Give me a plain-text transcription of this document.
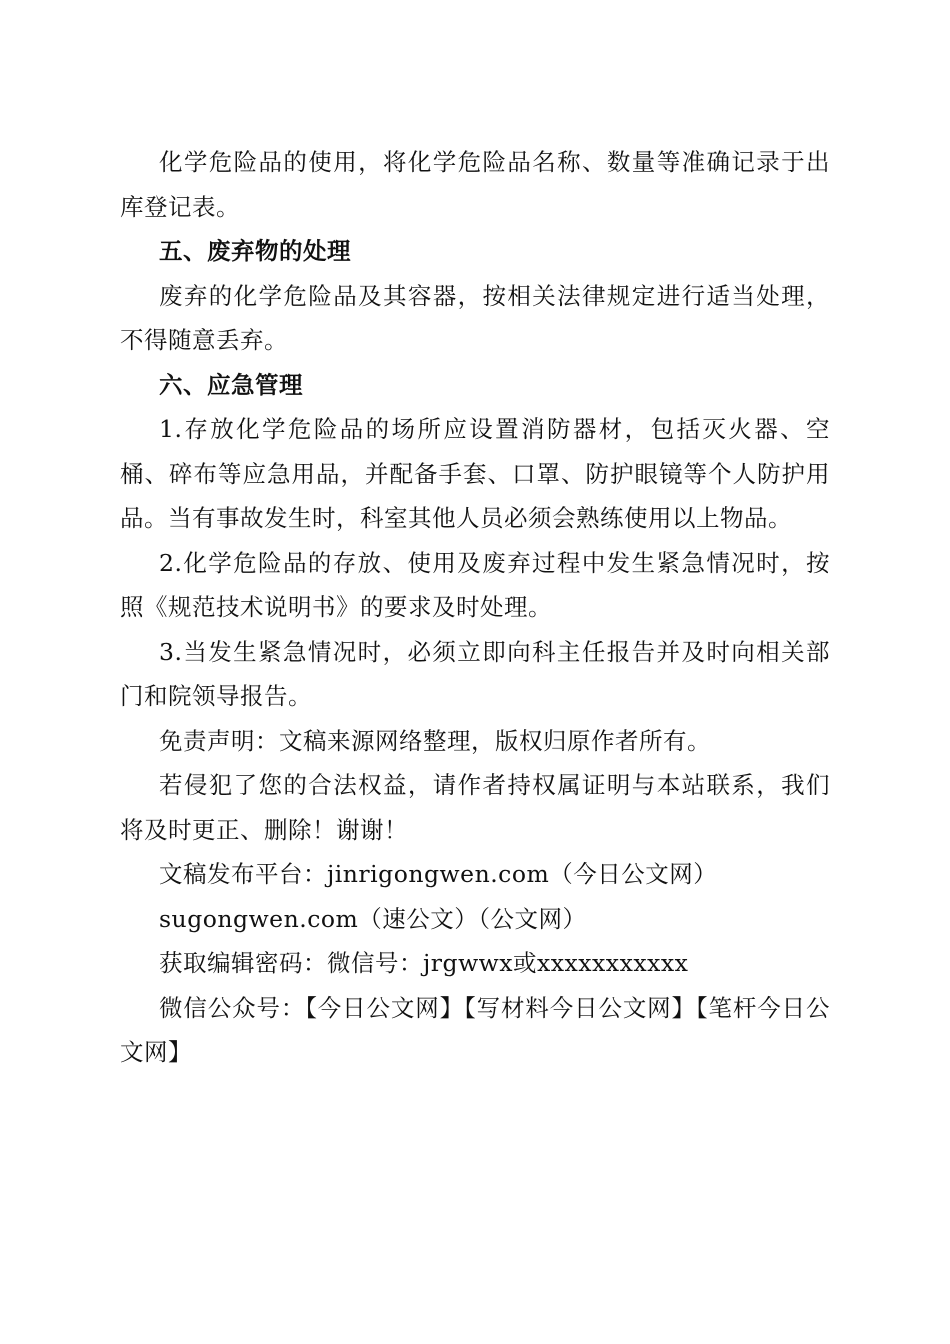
化学危险品的使用，将化学危险品名称、数量等准确记录于出库登记表。

五、废弃物的处理

废弃的化学危险品及其容器，按相关法律规定进行适当处理，不得随意丢弃。

六、应急管理

1.存放化学危险品的场所应设置消防器材，包括灭火器、空桶、碎布等应急用品，并配备手套、口罩、防护眼镜等个人防护用品。当有事故发生时，科室其他人员必须会熟练使用以上物品。

2.化学危险品的存放、使用及废弃过程中发生紧急情况时，按照《规范技术说明书》的要求及时处理。

3.当发生紧急情况时，必须立即向科主任报告并及时向相关部门和院领导报告。

免责声明：文稿来源网络整理，版权归原作者所有。

若侵犯了您的合法权益，请作者持权属证明与本站联系，我们将及时更正、删除！谢谢！

文稿发布平台：jinrigongwen.com（今日公文网）

sugongwen.com（速公文）（公文网）

获取编辑密码：微信号：jrgwwx或xxxxxxxxxxx

微信公众号：【今日公文网】【写材料今日公文网】【笔杆今日公文网】
